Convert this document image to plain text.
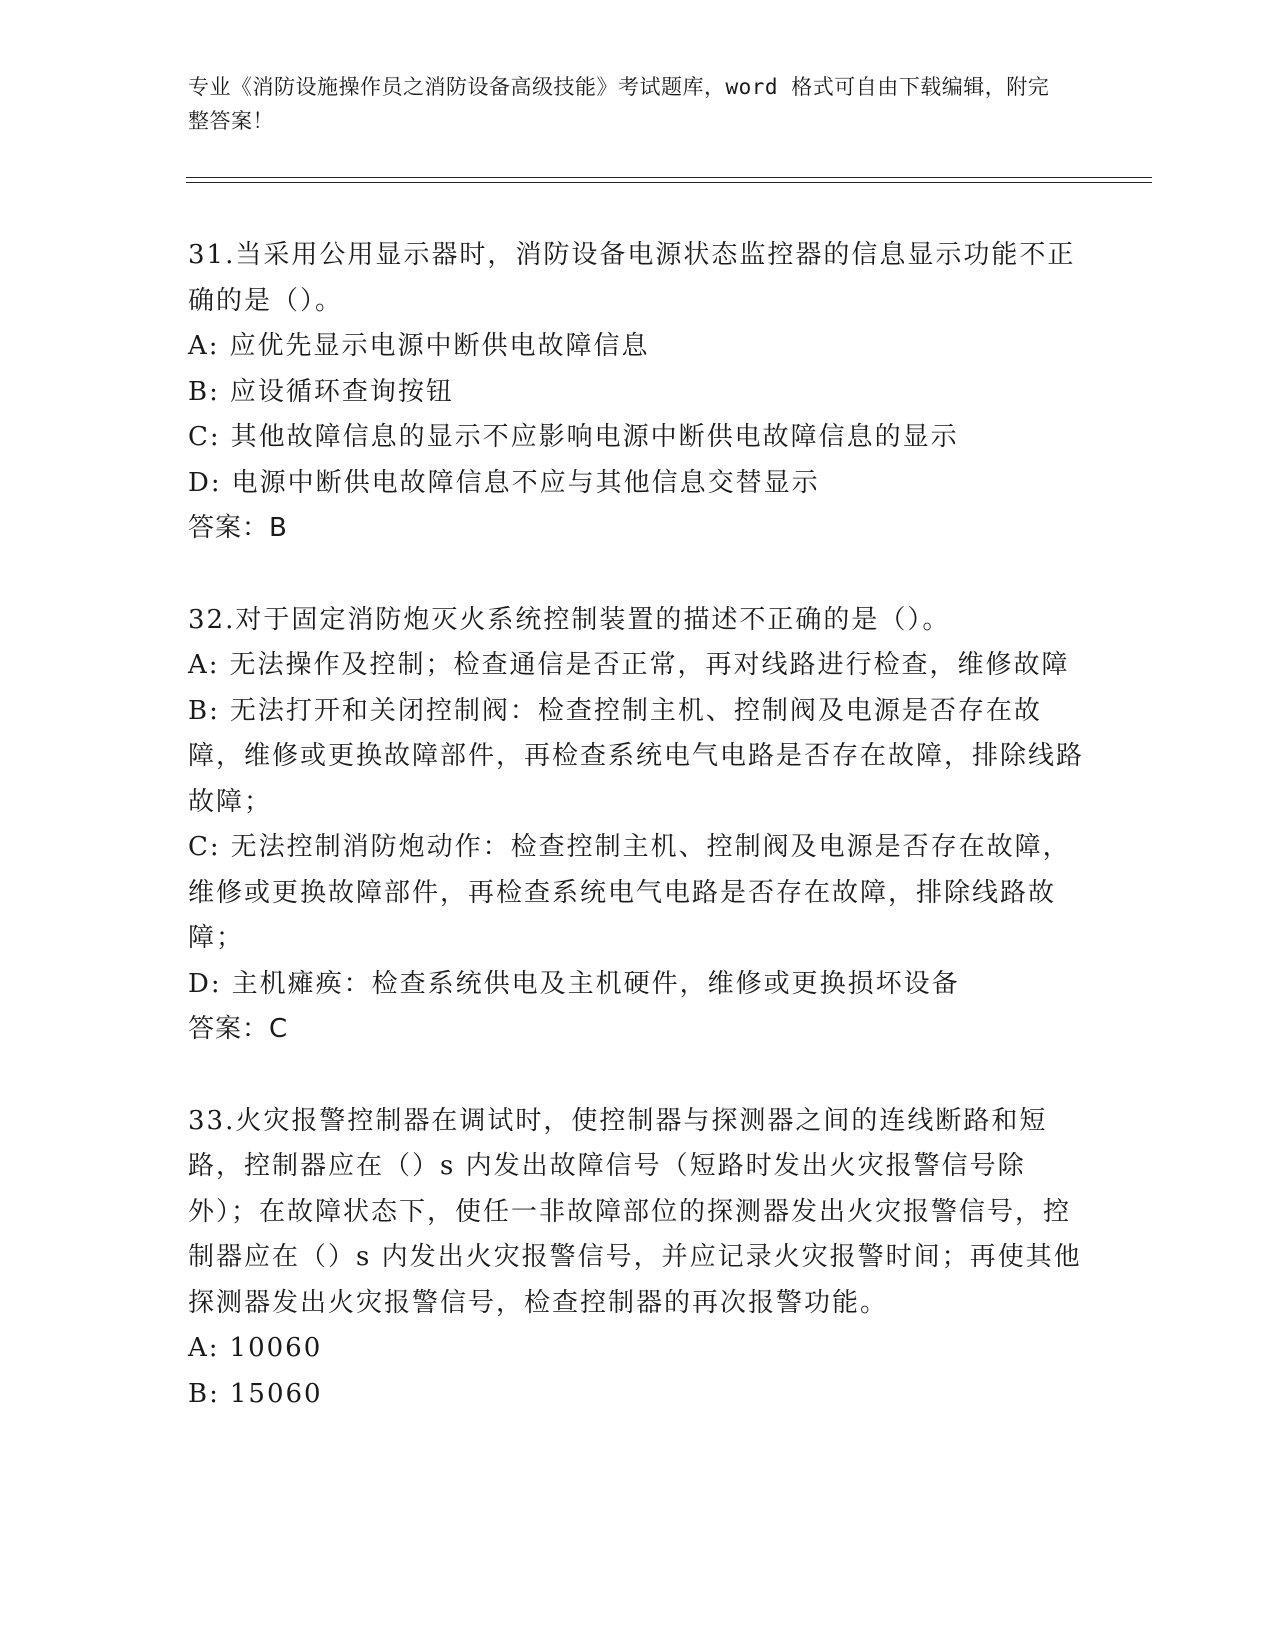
专业《消防设施操作员之消防设备高级技能》考试题库，word 格式可自由下载编辑，附完整答案！

31.当采用公用显示器时，消防设备电源状态监控器的信息显示功能不正确的是（）。

A: 应优先显示电源中断供电故障信息

B: 应设循环查询按钮

C: 其他故障信息的显示不应影响电源中断供电故障信息的显示

D: 电源中断供电故障信息不应与其他信息交替显示

答案：B

32.对于固定消防炮灭火系统控制装置的描述不正确的是（）。

A: 无法操作及控制；检查通信是否正常，再对线路进行检查，维修故障

B: 无法打开和关闭控制阀：检查控制主机、控制阀及电源是否存在故障，维修或更换故障部件，再检查系统电气电路是否存在故障，排除线路故障；

C: 无法控制消防炮动作：检查控制主机、控制阀及电源是否存在故障，维修或更换故障部件，再检查系统电气电路是否存在故障，排除线路故障；

D: 主机瘫痪：检查系统供电及主机硬件，维修或更换损坏设备

答案：C

33.火灾报警控制器在调试时，使控制器与探测器之间的连线断路和短路，控制器应在（）s 内发出故障信号（短路时发出火灾报警信号除外）；在故障状态下，使任一非故障部位的探测器发出火灾报警信号，控制器应在（）s 内发出火灾报警信号，并应记录火灾报警时间；再使其他探测器发出火灾报警信号，检查控制器的再次报警功能。

A: 10060

B: 15060
